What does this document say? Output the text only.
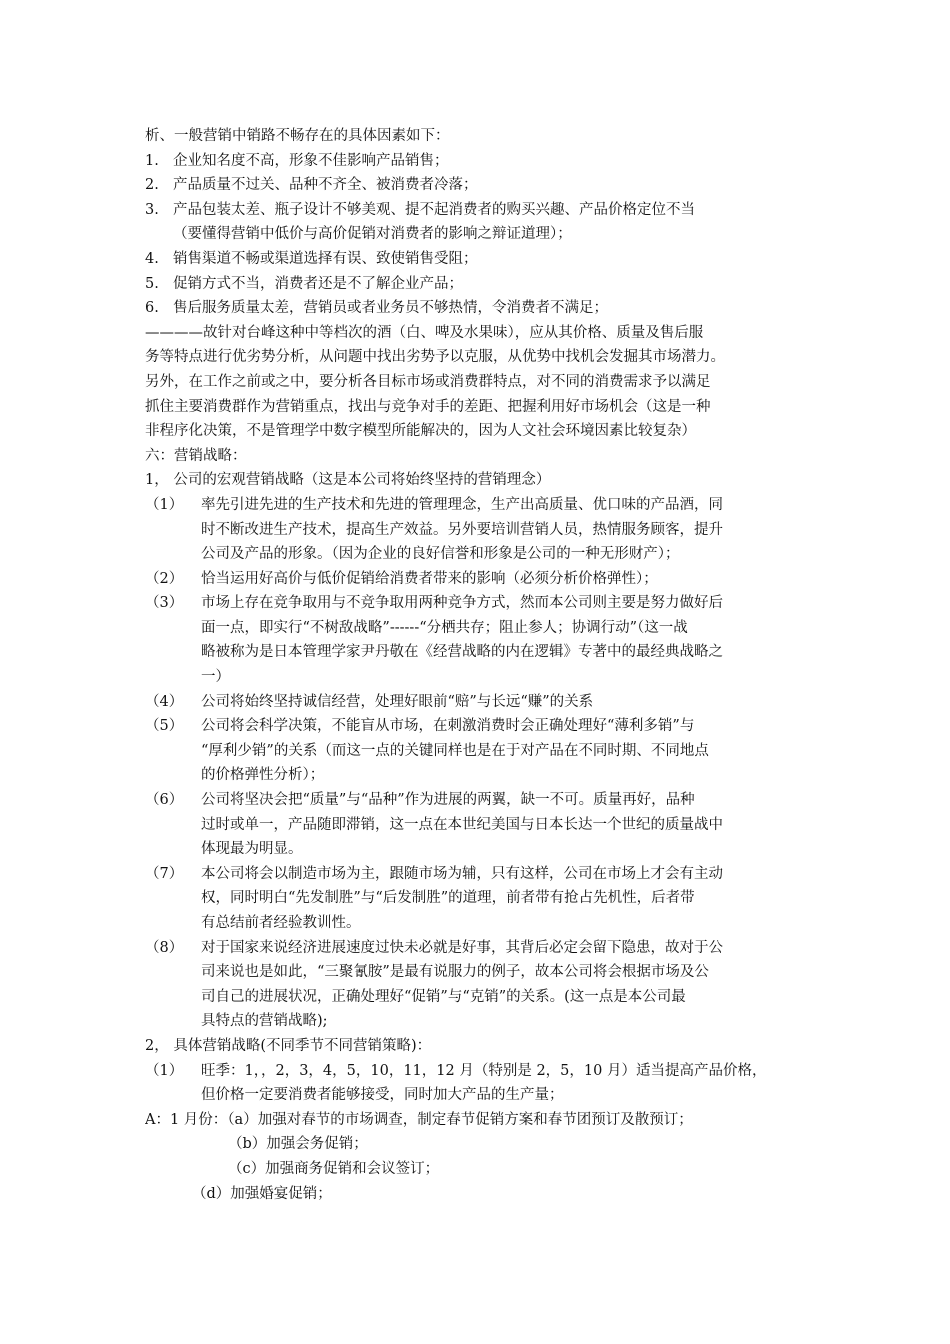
析、一般营销中销路不畅存在的具体因素如下：
1. 企业知名度不高，形象不佳影响产品销售；
2. 产品质量不过关、品种不齐全、被消费者冷落；
3. 产品包装太差、瓶子设计不够美观、提不起消费者的购买兴趣、产品价格定位不当
（要懂得营销中低价与高价促销对消费者的影响之辩证道理）；
4. 销售渠道不畅或渠道选择有误、致使销售受阻；
5. 促销方式不当，消费者还是不了解企业产品；
6. 售后服务质量太差，营销员或者业务员不够热情，令消费者不满足；
————故针对台峰这种中等档次的酒（白、啤及水果味），应从其价格、质量及售后服
务等特点进行优劣势分析，从问题中找出劣势予以克服，从优势中找机会发掘其市场潜力。
另外，在工作之前或之中，要分析各目标市场或消费群特点，对不同的消费需求予以满足
抓住主要消费群作为营销重点，找出与竞争对手的差距、把握利用好市场机会（这是一种
非程序化决策，不是管理学中数字模型所能解决的，因为人文社会环境因素比较复杂）
六：营销战略：
1， 公司的宏观营销战略（这是本公司将始终坚持的营销理念）
（1） 率先引进先进的生产技术和先进的管理理念，生产出高质量、优口味的产品酒，同
时不断改进生产技术，提高生产效益。另外要培训营销人员，热情服务顾客，提升
公司及产品的形象。（因为企业的良好信誉和形象是公司的一种无形财产）；
（2） 恰当运用好高价与低价促销给消费者带来的影响（必须分析价格弹性）；
（3） 市场上存在竞争取用与不竞争取用两种竞争方式，然而本公司则主要是努力做好后
面一点，即实行“不树敌战略”------“分栖共存；阻止参人；协调行动”（这一战
略被称为是日本管理学家尹丹敬在《经营战略的内在逻辑》专著中的最经典战略之
一）
（4） 公司将始终坚持诚信经营，处理好眼前“赔”与长远“赚”的关系
（5） 公司将会科学决策，不能盲从市场，在刺激消费时会正确处理好“薄利多销”与
“厚利少销”的关系（而这一点的关键同样也是在于对产品在不同时期、不同地点
的价格弹性分析）；
（6） 公司将坚决会把“质量”与“品种”作为进展的两翼，缺一不可。质量再好，品种
过时或单一，产品随即滞销，这一点在本世纪美国与日本长达一个世纪的质量战中
体现最为明显。
（7） 本公司将会以制造市场为主，跟随市场为辅，只有这样，公司在市场上才会有主动
权，同时明白“先发制胜”与“后发制胜”的道理，前者带有抢占先机性，后者带
有总结前者经验教训性。
（8） 对于国家来说经济进展速度过快未必就是好事，其背后必定会留下隐患，故对于公
司来说也是如此，“三聚氰胺”是最有说服力的例子，故本公司将会根据市场及公
司自己的进展状况，正确处理好“促销”与“克销”的关系。(这一点是本公司最
具特点的营销战略);
2， 具体营销战略(不同季节不同营销策略)：
（1） 旺季：1，，2，3，4，5，10，11，12 月（特别是 2，5，10 月）适当提高产品价格，
但价格一定要消费者能够接受，同时加大产品的生产量；
A：1 月份：（a）加强对春节的市场调查，制定春节促销方案和春节团预订及散预订；
（b）加强会务促销；
（c）加强商务促销和会议签订；
（d）加强婚宴促销；
